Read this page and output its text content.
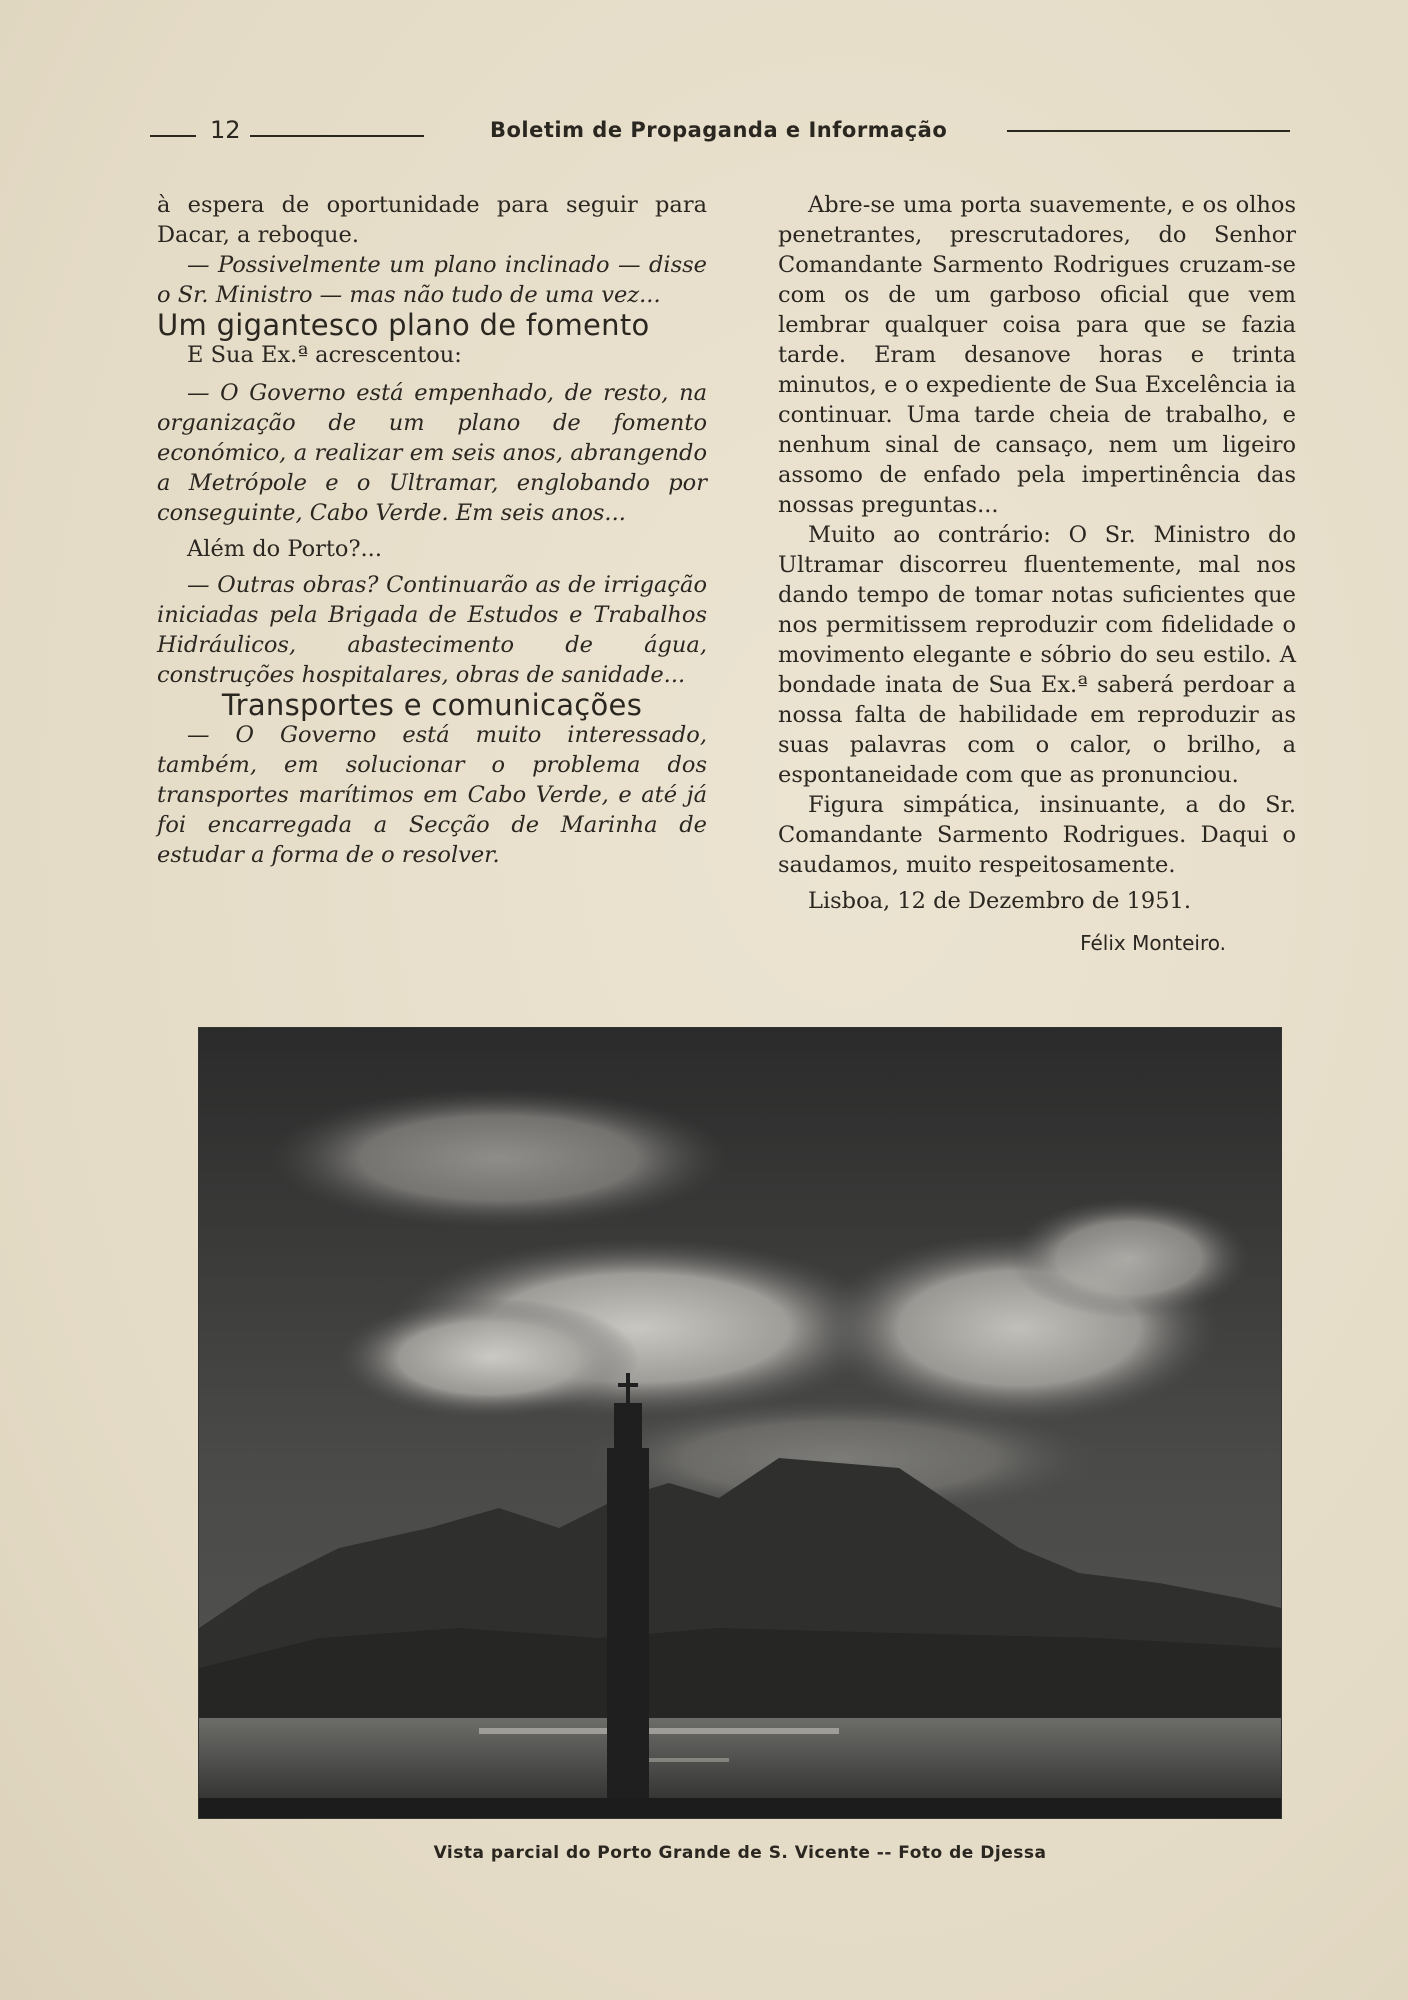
12	Boletim de Propaganda e Informação

à espera de oportunidade para seguir para Dacar, a reboque.

— Possivelmente um plano inclinado — disse o Sr. Ministro — mas não tudo de uma vez...

Um gigantesco plano de fomento

E Sua Ex.ª acrescentou:

— O Governo está empenhado, de resto, na organização de um plano de fomento económico, a realizar em seis anos, abrangendo a Metrópole e o Ultramar, englobando por conseguinte, Cabo Verde. Em seis anos...

Além do Porto?...

— Outras obras? Continuarão as de irrigação iniciadas pela Brigada de Estudos e Trabalhos Hidráulicos, abastecimento de água, construções hospitalares, obras de sanidade...

Transportes e comunicações

— O Governo está muito interessado, também, em solucionar o problema dos transportes marítimos em Cabo Verde, e até já foi encarregada a Secção de Marinha de estudar a forma de o resolver.

Abre-se uma porta suavemente, e os olhos penetrantes, prescrutadores, do Senhor Comandante Sarmento Rodrigues cruzam-se com os de um garboso oficial que vem lembrar qualquer coisa para que se fazia tarde. Eram desanove horas e trinta minutos, e o expediente de Sua Excelência ia continuar. Uma tarde cheia de trabalho, e nenhum sinal de cansaço, nem um ligeiro assomo de enfado pela impertinência das nossas preguntas...

Muito ao contrário: O Sr. Ministro do Ultramar discorreu fluentemente, mal nos dando tempo de tomar notas suficientes que nos permitissem reproduzir com fidelidade o movimento elegante e sóbrio do seu estilo. A bondade inata de Sua Ex.ª saberá perdoar a nossa falta de habilidade em reproduzir as suas palavras com o calor, o brilho, a espontaneidade com que as pronunciou.

Figura simpática, insinuante, a do Sr. Comandante Sarmento Rodrigues. Daqui o saudamos, muito respeitosamente.

Lisboa, 12 de Dezembro de 1951.

Félix Monteiro.

Vista parcial do Porto Grande de S. Vicente -- Foto de Djessa
